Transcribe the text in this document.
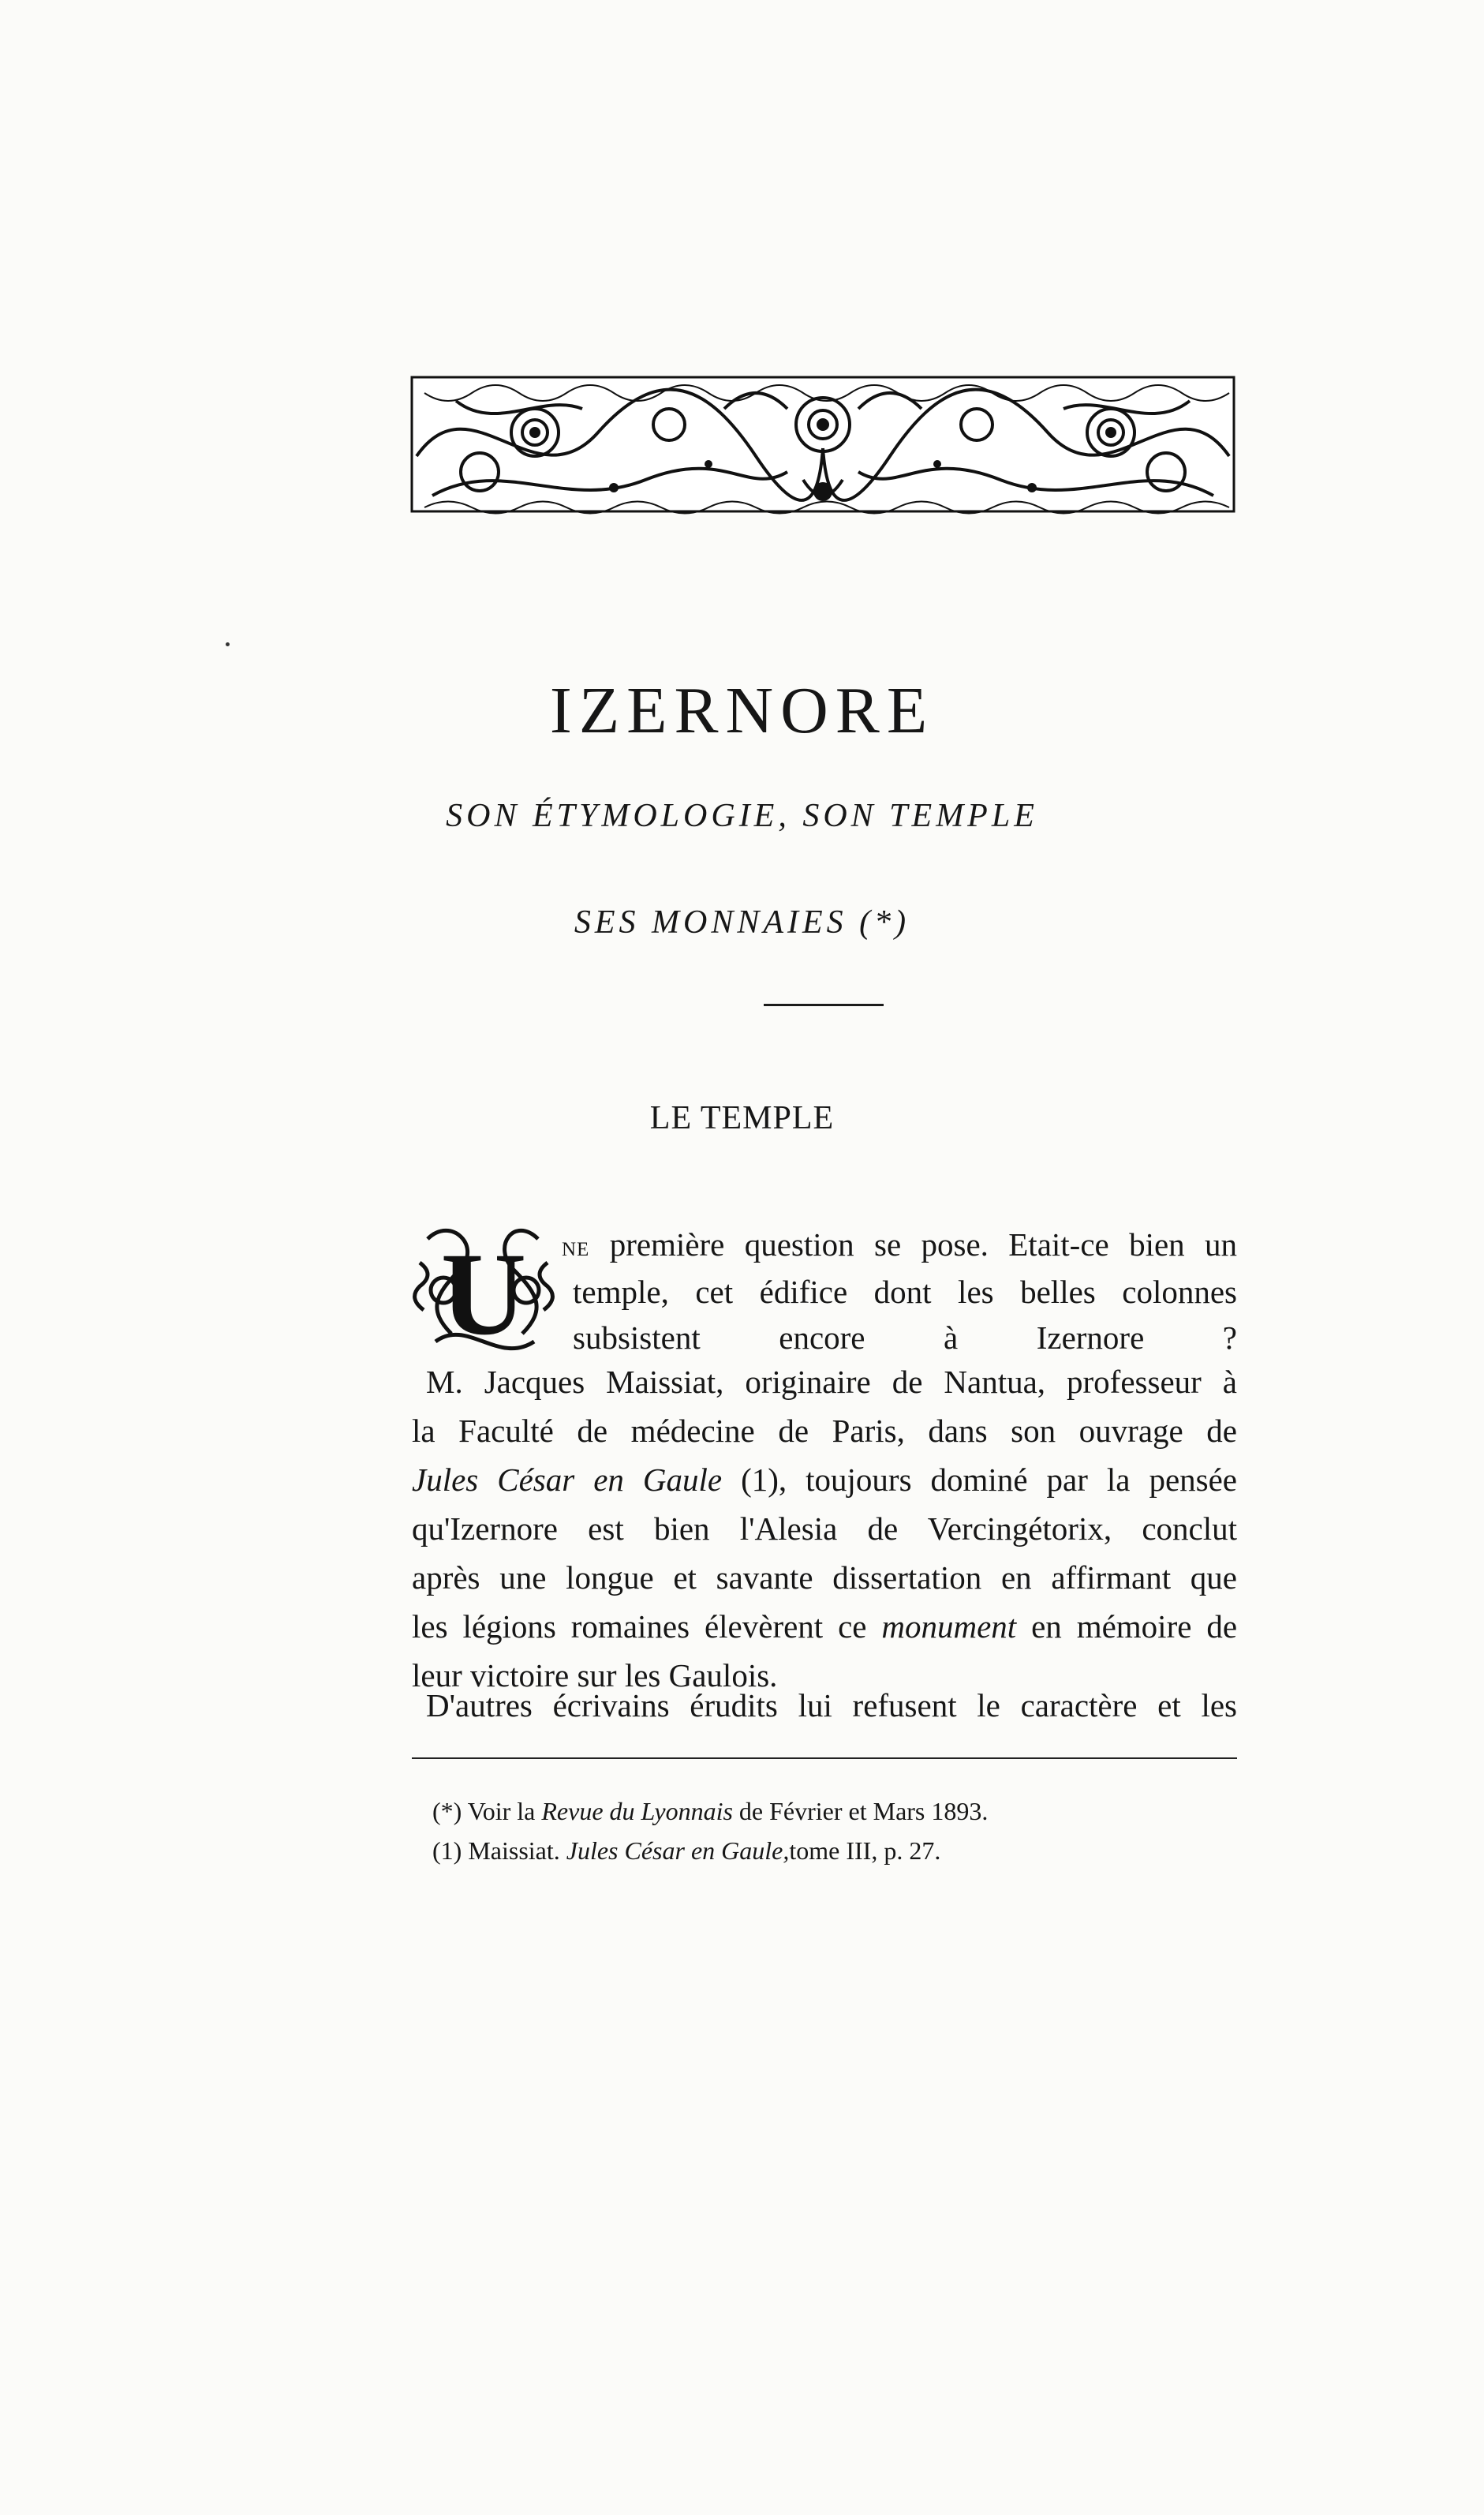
IZERNORE
SON ÉTYMOLOGIE, SON TEMPLE
SES MONNAIES (*)
LE TEMPLE
U ne première question se pose. Etait-ce bien un
temple, cet édifice dont les belles colonnes
subsistent encore à Izernore ?
M. Jacques Maissiat, originaire de Nantua, professeur à
la Faculté de médecine de Paris, dans son ouvrage de
Jules César en Gaule (1), toujours dominé par la pensée
qu'Izernore est bien l'Alesia de Vercingétorix, conclut
après une longue et savante dissertation en affirmant que
les légions romaines élevèrent ce monument en mémoire de
leur victoire sur les Gaulois.
D'autres écrivains érudits lui refusent le caractère et les
(*) Voir la Revue du Lyonnais de Février et Mars 1893.
(1) Maissiat. Jules César en Gaule,tome III, p. 27.
